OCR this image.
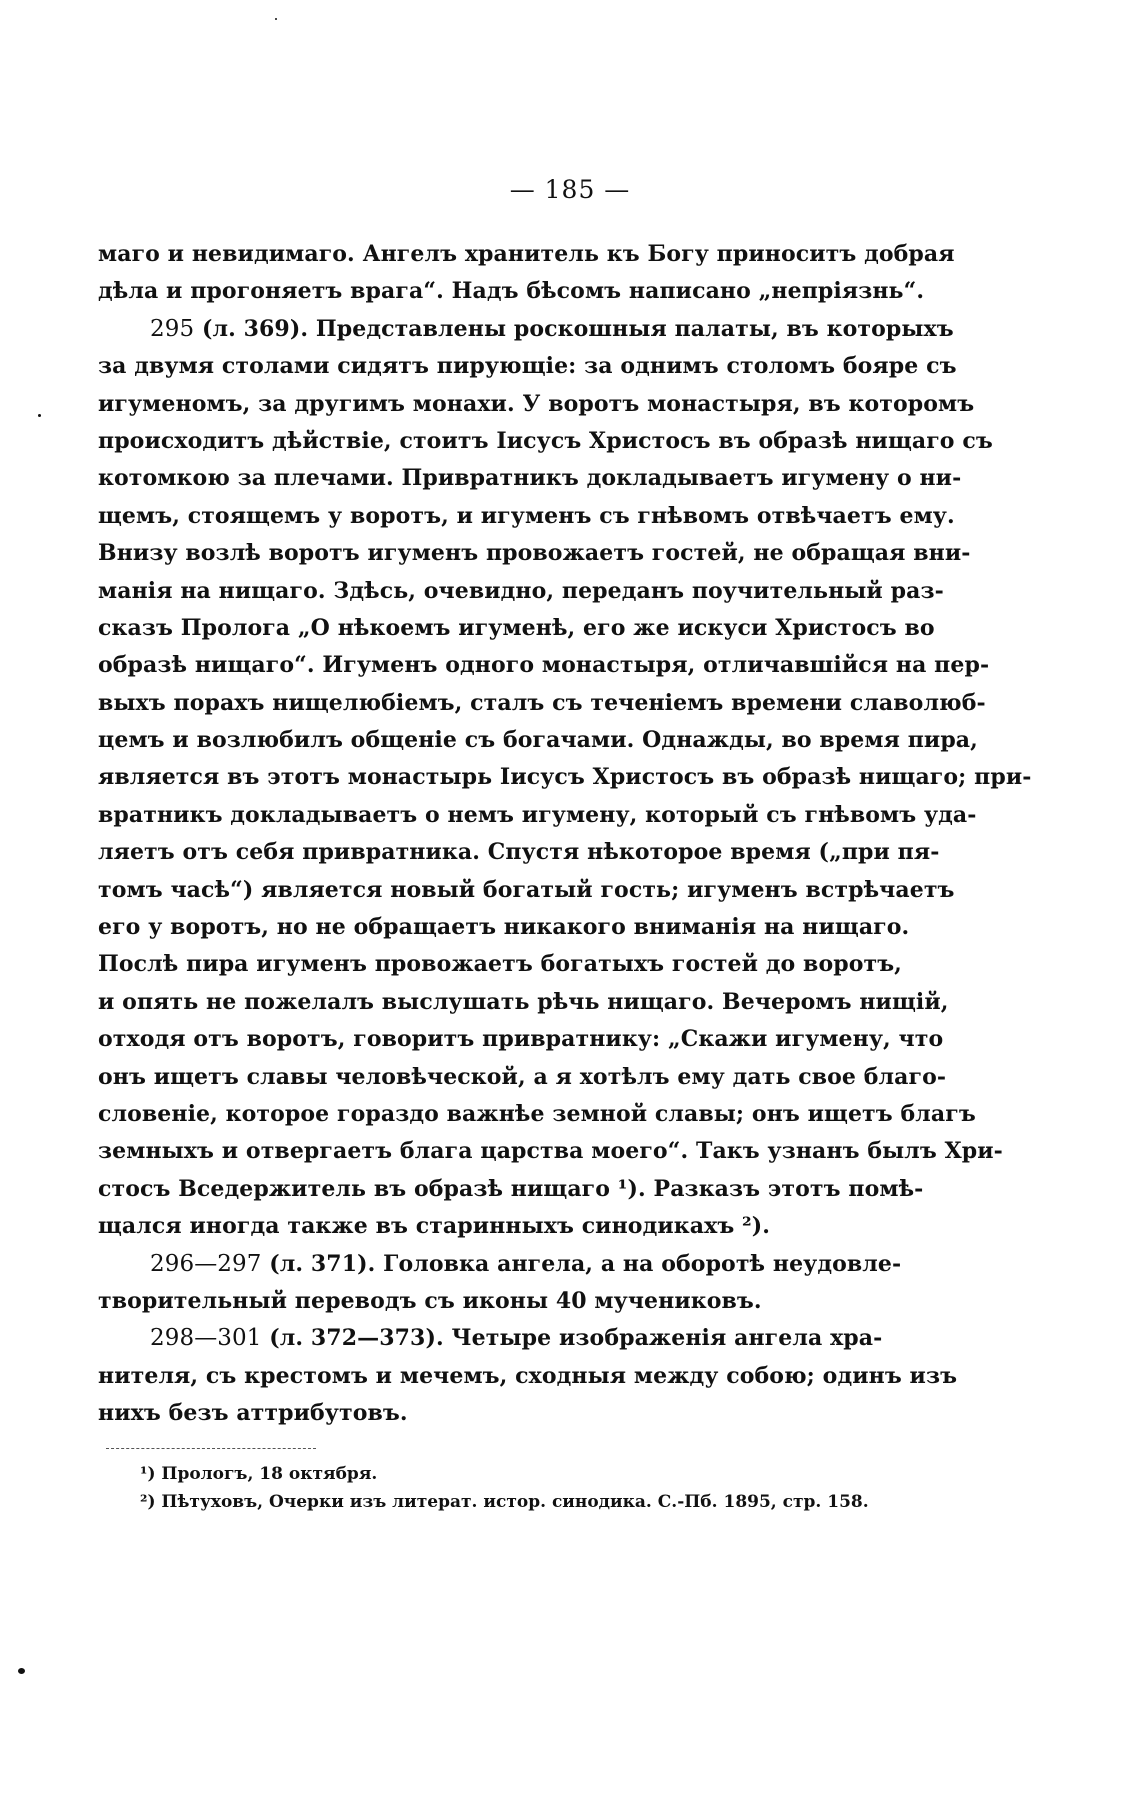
— 185 —
маго и невидимаго. Ангелъ хранитель къ Богу приноситъ добрая
дѣла и прогоняетъ врага“. Надъ бѣсомъ написано „непріязнь“.
295 (л. 369). Представлены роскошныя палаты, въ которыхъ
за двумя столами сидятъ пирующіе: за однимъ столомъ бояре съ
игуменомъ, за другимъ монахи. У воротъ монастыря, въ которомъ
происходитъ дѣйствіе, стоитъ Іисусъ Христосъ въ образѣ нищаго съ
котомкою за плечами. Привратникъ докладываетъ игумену о ни-
щемъ, стоящемъ у воротъ, и игуменъ съ гнѣвомъ отвѣчаетъ ему.
Внизу возлѣ воротъ игуменъ провожаетъ гостей, не обращая вни-
манія на нищаго. Здѣсь, очевидно, переданъ поучительный раз-
сказъ Пролога „О нѣкоемъ игуменѣ, его же искуси Христосъ во
образѣ нищаго“. Игуменъ одного монастыря, отличавшійся на пер-
выхъ порахъ нищелюбіемъ, сталъ съ теченіемъ времени славолюб-
цемъ и возлюбилъ общеніе съ богачами. Однажды, во время пира,
является въ этотъ монастырь Іисусъ Христосъ въ образѣ нищаго; при-
вратникъ докладываетъ о немъ игумену, который съ гнѣвомъ уда-
ляетъ отъ себя привратника. Спустя нѣкоторое время („при пя-
томъ часѣ“) является новый богатый гость; игуменъ встрѣчаетъ
его у воротъ, но не обращаетъ никакого вниманія на нищаго.
Послѣ пира игуменъ провожаетъ богатыхъ гостей до воротъ,
и опять не пожелалъ выслушать рѣчь нищаго. Вечеромъ нищій,
отходя отъ воротъ, говоритъ привратнику: „Скажи игумену, что
онъ ищетъ славы человѣческой, а я хотѣлъ ему дать свое благо-
словеніе, которое гораздо важнѣе земной славы; онъ ищетъ благъ
земныхъ и отвергаетъ блага царства моего“. Такъ узнанъ былъ Хри-
стосъ Вседержитель въ образѣ нищаго ¹). Разказъ этотъ помѣ-
щался иногда также въ старинныхъ синодикахъ ²).
296—297 (л. 371). Головка ангела, а на оборотѣ неудовле-
творительный переводъ съ иконы 40 мучениковъ.
298—301 (л. 372—373). Четыре изображенія ангела хра-
нителя, съ крестомъ и мечемъ, сходныя между собою; одинъ изъ
нихъ безъ аттрибутовъ.
¹) Прологъ, 18 октября.
²) Пѣтуховъ, Очерки изъ литерат. истор. синодика. С.-Пб. 1895, стр. 158.
